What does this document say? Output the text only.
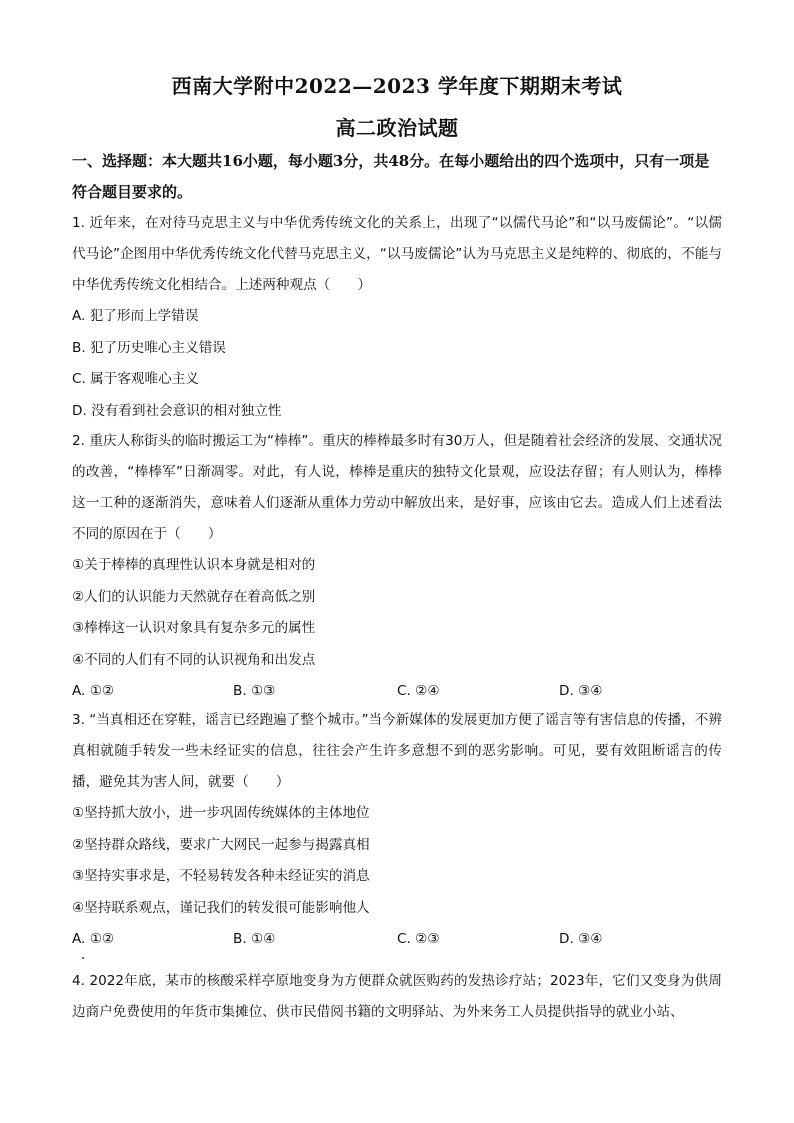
西南大学附中2022—2023 学年度下期期末考试
高二政治试题
一、选择题：本大题共16小题，每小题3分，共48分。在每小题给出的四个选项中，只有一项是符合题目要求的。

1. 近年来，在对待马克思主义与中华优秀传统文化的关系上，出现了“以儒代马论”和“以马废儒论”。“以儒代马论”企图用中华优秀传统文化代替马克思主义，“以马废儒论”认为马克思主义是纯粹的、彻底的，不能与中华优秀传统文化相结合。上述两种观点（　　）

A. 犯了形而上学错误
B. 犯了历史唯心主义错误
C. 属于客观唯心主义
D. 没有看到社会意识的相对独立性

2. 重庆人称街头的临时搬运工为“棒棒”。重庆的棒棒最多时有30万人，但是随着社会经济的发展、交通状况的改善，“棒棒军”日渐凋零。对此，有人说，棒棒是重庆的独特文化景观，应设法存留；有人则认为，棒棒这一工种的逐渐消失，意味着人们逐渐从重体力劳动中解放出来，是好事，应该由它去。造成人们上述看法不同的原因在于（　　）

①关于棒棒的真理性认识本身就是相对的
②人们的认识能力天然就存在着高低之别
③棒棒这一认识对象具有复杂多元的属性
④不同的人们有不同的认识视角和出发点
A. ①②	B. ①③	C. ②④	D. ③④

3. “当真相还在穿鞋，谣言已经跑遍了整个城市。”当今新媒体的发展更加方便了谣言等有害信息的传播，不辨真相就随手转发一些未经证实的信息，往往会产生许多意想不到的恶劣影响。可见，要有效阻断谣言的传播，避免其为害人间，就要（　　）

①坚持抓大放小，进一步巩固传统媒体的主体地位
②坚持群众路线，要求广大网民一起参与揭露真相
③坚持实事求是，不轻易转发各种未经证实的消息
④坚持联系观点，谨记我们的转发很可能影响他人
A. ①②	B. ①④	C. ②③	D. ③④

4. 2022年底，某市的核酸采样亭原地变身为方便群众就医购药的发热诊疗站；2023年，它们又变身为供周边商户免费使用的年货市集摊位、供市民借阅书籍的文明驿站、为外来务工人员提供指导的就业小站、
